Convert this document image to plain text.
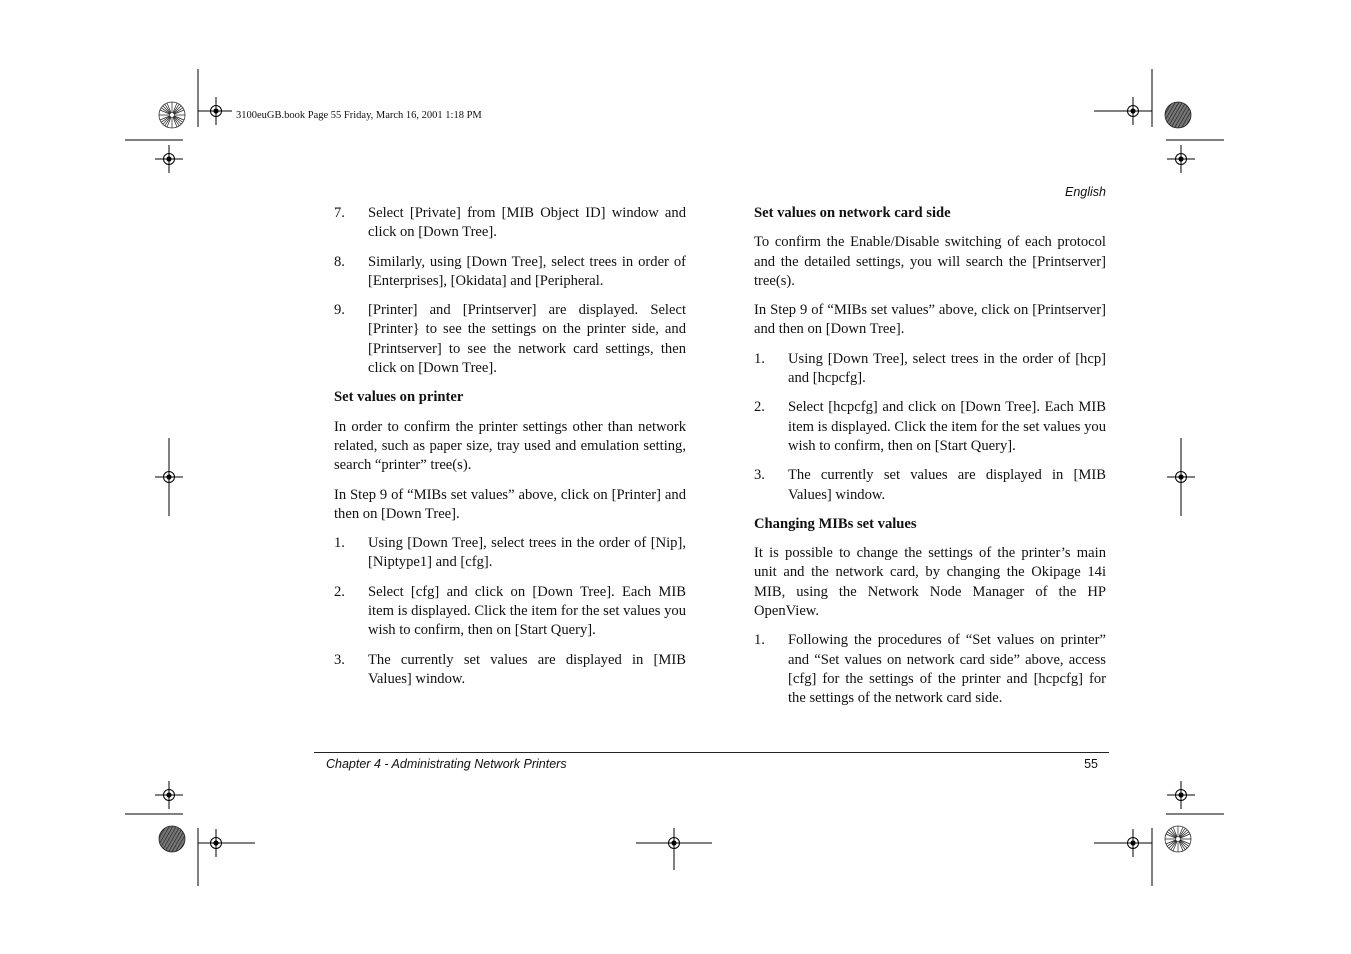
3100euGB.book Page 55 Friday, March 16, 2001 1:18 PM
English
7.	Select [Private] from [MIB Object ID] window and click on [Down Tree].
8.	Similarly, using [Down Tree], select trees in order of [Enterprises], [Okidata] and [Peripheral.
9.	[Printer] and [Printserver] are displayed. Select [Printer} to see the settings on the printer side, and [Printserver] to see the network card settings, then click on [Down Tree].
Set values on printer

In order to confirm the printer settings other than network related, such as paper size, tray used and emulation setting, search “printer” tree(s).

In Step 9 of “MIBs set values” above, click on [Printer] and then on [Down Tree].

1.	Using [Down Tree], select trees in the order of [Nip], [Niptype1] and [cfg].
2.	Select [cfg] and click on [Down Tree]. Each MIB item is displayed. Click the item for the set values you wish to confirm, then on [Start Query].
3.	The currently set values are displayed in [MIB Values] window.
Set values on network card side

To confirm the Enable/Disable switching of each protocol and the detailed settings, you will search the [Printserver] tree(s).

In Step 9 of “MIBs set values” above, click on [Printserver] and then on [Down Tree].

1.	Using [Down Tree], select trees in the order of [hcp] and [hcpcfg].
2.	Select [hcpcfg] and click on [Down Tree]. Each MIB item is displayed. Click the item for the set values you wish to confirm, then on [Start Query].
3.	The currently set values are displayed in [MIB Values] window.
Changing MIBs set values

It is possible to change the settings of the printer’s main unit and the network card, by changing the Okipage 14i MIB, using the Network Node Manager of the HP OpenView.

1.	Following the procedures of “Set values on printer” and “Set values on network card side” above, access [cfg] for the settings of the printer and [hcpcfg] for the settings of the network card side.
Chapter 4 - Administrating Network Printers	55
